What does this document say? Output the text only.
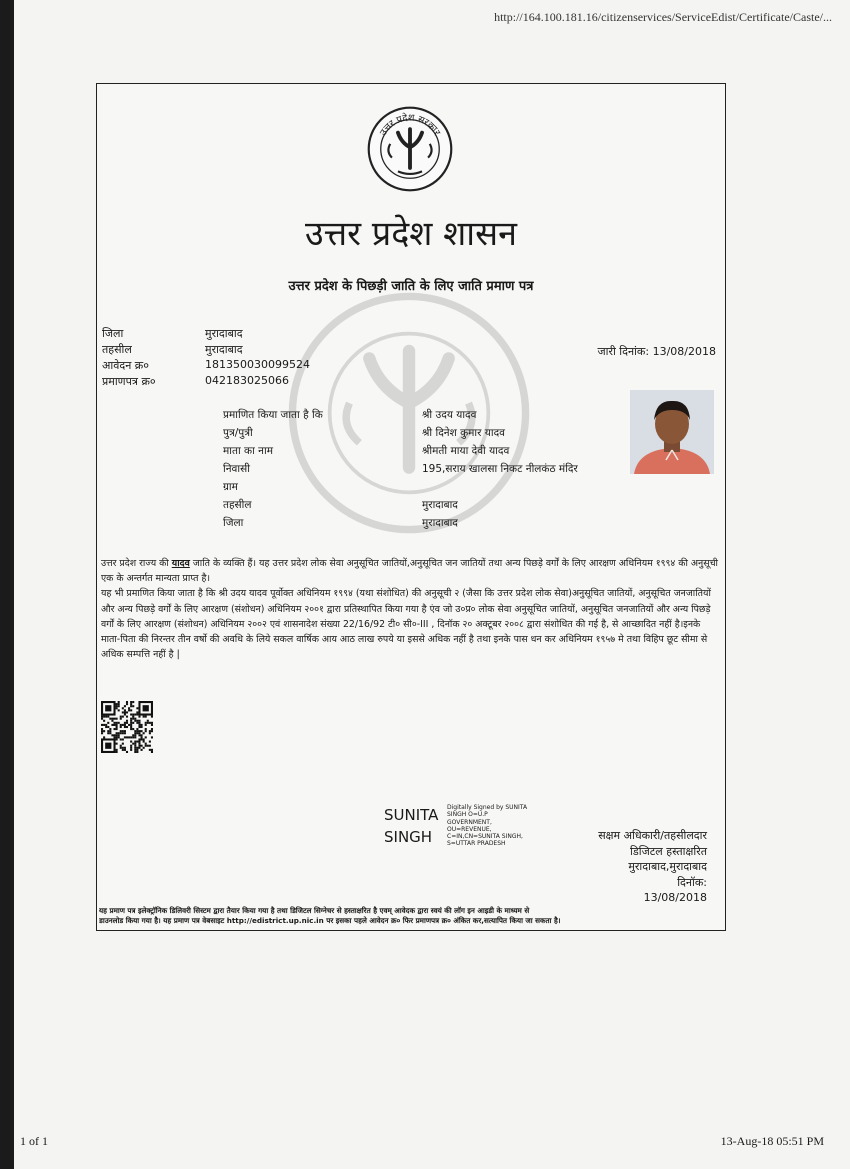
http://164.100.181.16/citizenservices/ServiceEdist/Certificate/Caste/...
उत्तर प्रदेश सरकार
उत्तर प्रदेश शासन
उत्तर प्रदेश के पिछड़ी जाति के लिए जाति प्रमाण पत्र
जिला	मुरादाबाद
तहसील	मुरादाबाद
आवेदन क्र०	181350030099524
प्रमाणपत्र क्र०	042183025066
जारी दिनांक: 13/08/2018
प्रमाणित किया जाता है कि	श्री उदय यादव
पुत्र/पुत्री	श्री दिनेश कुमार यादव
माता का नाम	श्रीमती माया देवी यादव
निवासी	195,सराय खालसा निकट नीलकंठ मंदिर
ग्राम
तहसील	मुरादाबाद
जिला	मुरादाबाद

उत्तर प्रदेश राज्य की यादव जाति के व्यक्ति हैं। यह उत्तर प्रदेश लोक सेवा अनुसूचित जातियों,अनुसूचित जन जातियों तथा अन्य पिछड़े वर्गों के लिए आरक्षण अधिनियम १९९४ की अनुसूची एक के अन्तर्गत मान्यता प्राप्त है।

यह भी प्रमाणित किया जाता है कि श्री उदय यादव पूर्वोक्त अधिनियम १९९४ (यथा संशोधित) की अनुसूची २ (जैसा कि उत्तर प्रदेश लोक सेवा)अनुसूचित जातियों, अनुसूचित जनजातियों और अन्य पिछड़े वर्गों के लिए आरक्षण (संशोधन) अधिनियम २००१ द्वारा प्रतिस्थापित किया गया है एंव जो उ०प्र० लोक सेवा अनुसूचित जातियों, अनुसूचित जनजातियों और अन्य पिछड़े वर्गों के लिए आरक्षण (संशोधन) अधिनियम २००२ एवं शासनादेश संख्या 22/16/92 टी० सी०-III , दिनॉक २० अक्टूबर २००८ द्वारा संशोधित की गई है, से आच्छादित नहीं है।इनके माता-पिता की निरन्तर तीन वर्षो की अवधि के लिये सकल वार्षिक आय आठ लाख रुपये या इससे अधिक नहीं है तथा इनके पास धन कर अधिनियम १९५७ मे तथा विहिप छूट सीमा से अधिक सम्पत्ति नहीं है |

SUNITA
SINGH
Digitally Signed by SUNITA
SINGH O=U.P
GOVERNMENT,
OU=REVENUE,
C=IN,CN=SUNITA SINGH,
S=UTTAR PRADESH
सक्षम अधिकारी/तहसीलदार
डिजिटल हस्ताक्षरित
मुरादाबाद,मुरादाबाद
दिनॉक:
13/08/2018
यह प्रमाण पत्र इलेक्ट्रॉनिक डिलिवरी सिस्टम द्वारा तैयार किया गया है तथा डिजिटल सिग्नेचर से हस्ताक्षरित है एवम् आवेदक द्वारा स्वयं की लॉग इन आइडी के माध्यम से
डाउनलोड किया गया है। यह प्रमाण पत्र वेबसाइट http://edistrict.up.nic.in पर इसका पहले आवेदन क्र० फिर प्रमाणपत्र क्र० अंकित कर,सत्यापित किया जा सकता है।
1 of 1	13-Aug-18 05:51 PM
